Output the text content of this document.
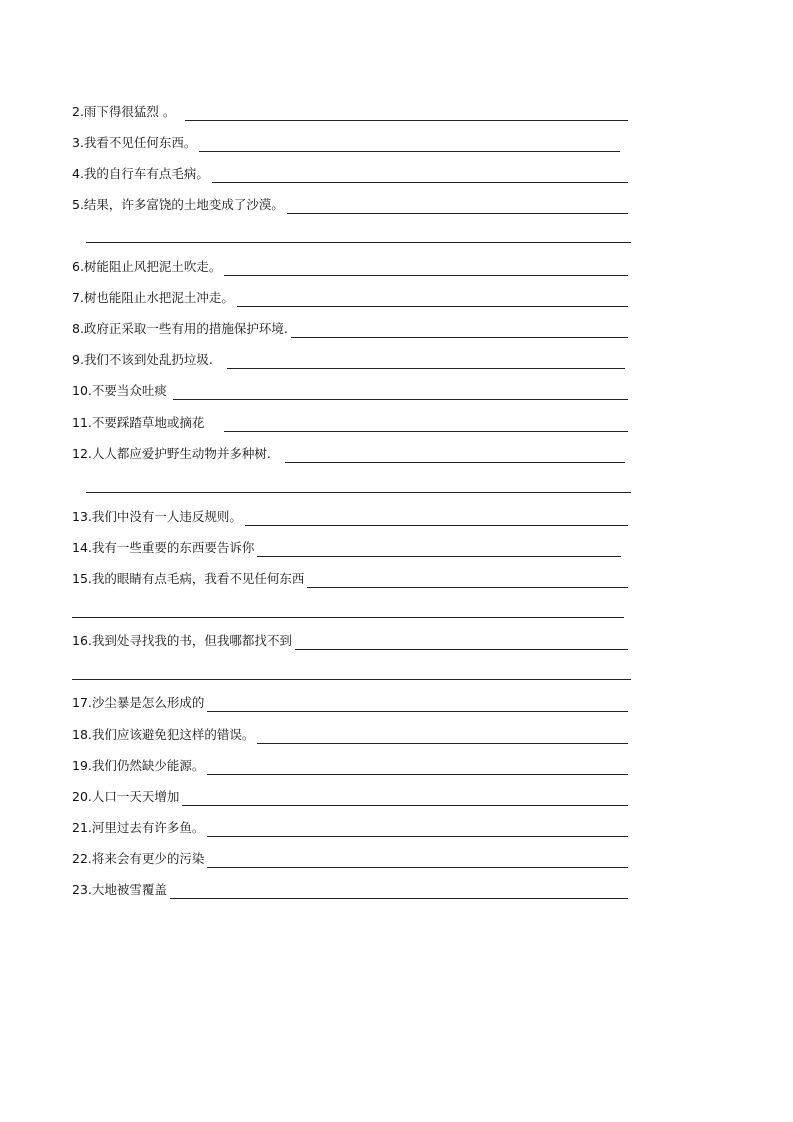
2.雨下得很猛烈 。
3.我看不见任何东西。
4.我的自行车有点毛病。
5.结果，许多富饶的土地变成了沙漠。
6.树能阻止风把泥土吹走。
7.树也能阻止水把泥土冲走。
8.政府正采取一些有用的措施保护环境.
9.我们不该到处乱扔垃圾.
10.不要当众吐痰
11.不要踩踏草地或摘花
12.人人都应爱护野生动物并多种树.
13.我们中没有一人违反规则。
14.我有一些重要的东西要告诉你
15.我的眼睛有点毛病，我看不见任何东西
16.我到处寻找我的书，但我哪都找不到
17.沙尘暴是怎么形成的
18.我们应该避免犯这样的错误。
19.我们仍然缺少能源。
20.人口一天天增加
21.河里过去有许多鱼。
22.将来会有更少的污染
23.大地被雪覆盖
